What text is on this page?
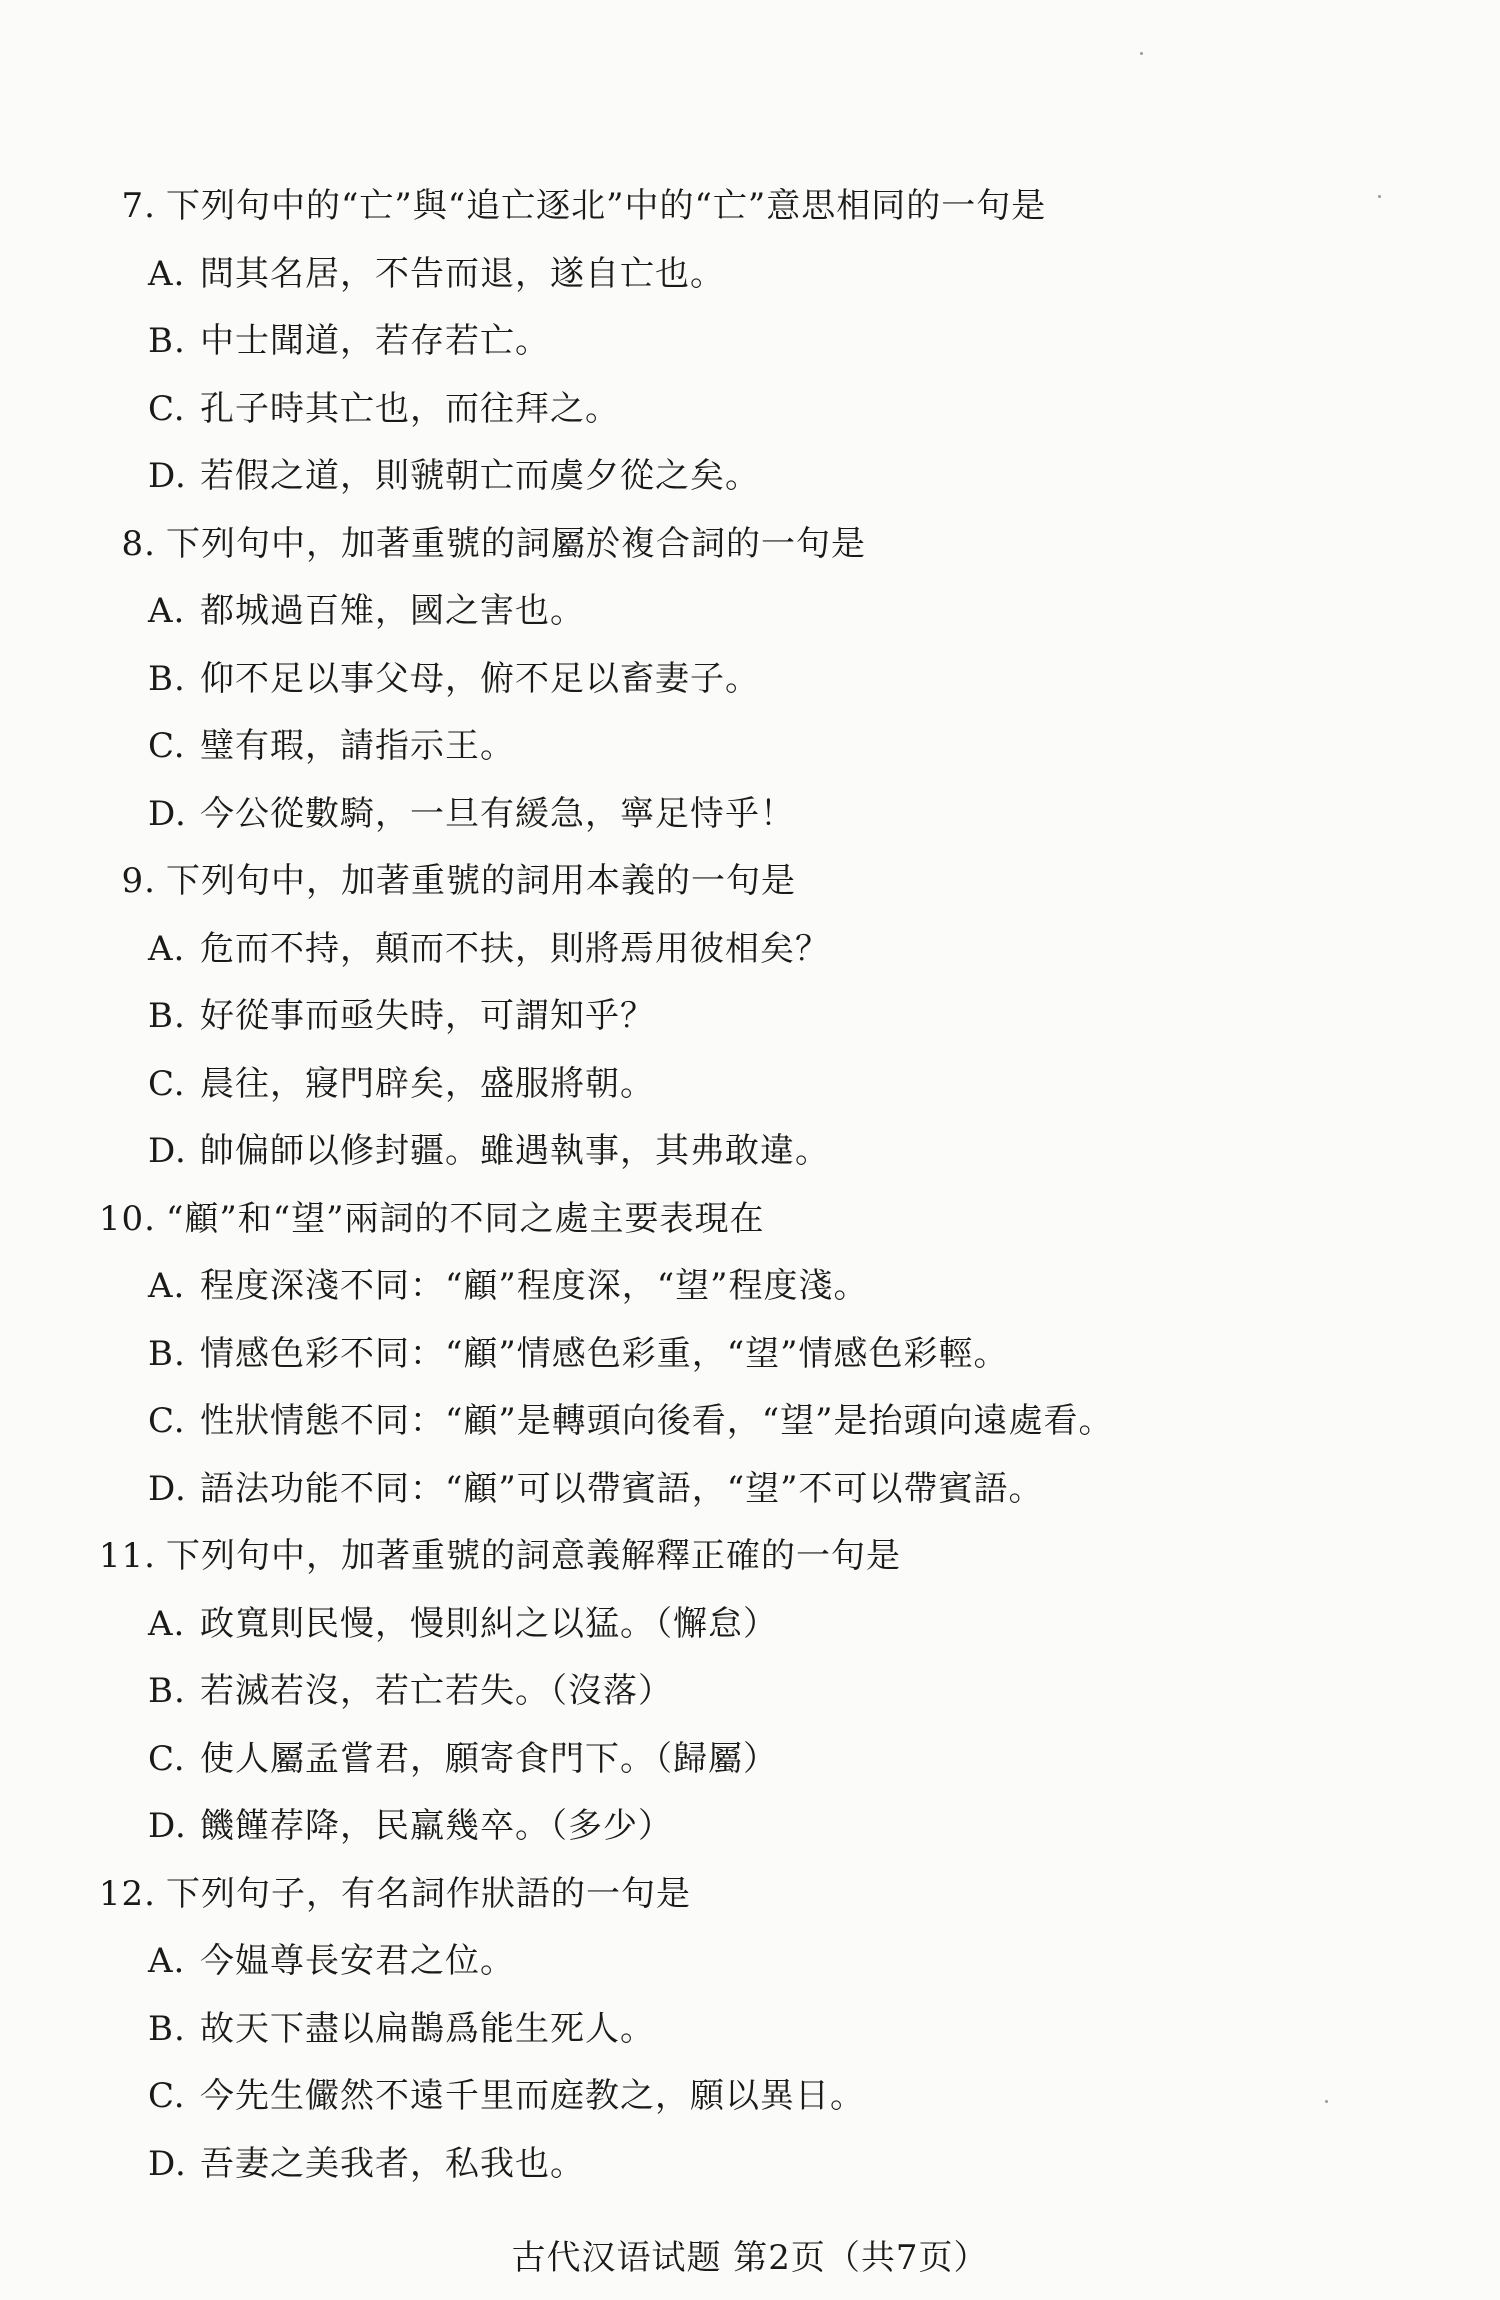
7. 下列句中的“亡”與“追亡逐北”中的“亡”意思相同的一句是
A. 問其名居，不告而退，遂自亡也。
B. 中士聞道，若存若亡。
C. 孔子時其亡也，而往拜之。
D. 若假之道，則虢朝亡而虞夕從之矣。
8. 下列句中，加著重號的詞屬於複合詞的一句是
A. 都城過百雉，國之害也。
B. 仰不足以事父母，俯不足以畜妻子。
C. 璧有瑕，請指示王。
D. 今公從數騎，一旦有緩急，寧足恃乎！
9. 下列句中，加著重號的詞用本義的一句是
A. 危而不持，顛而不扶，則將焉用彼相矣？
B. 好從事而亟失時，可謂知乎？
C. 晨往，寢門辟矣，盛服將朝。
D. 帥偏師以修封疆。雖遇執事，其弗敢違。
10. “顧”和“望”兩詞的不同之處主要表現在
A. 程度深淺不同：“顧”程度深，“望”程度淺。
B. 情感色彩不同：“顧”情感色彩重，“望”情感色彩輕。
C. 性狀情態不同：“顧”是轉頭向後看，“望”是抬頭向遠處看。
D. 語法功能不同：“顧”可以帶賓語，“望”不可以帶賓語。
11. 下列句中，加著重號的詞意義解釋正確的一句是
A. 政寬則民慢，慢則糾之以猛。（懈怠）
B. 若滅若沒，若亡若失。（沒落）
C. 使人屬孟嘗君，願寄食門下。（歸屬）
D. 饑饉荐降，民羸幾卒。（多少）
12. 下列句子，有名詞作狀語的一句是
A. 今媪尊長安君之位。
B. 故天下盡以扁鵲爲能生死人。
C. 今先生儼然不遠千里而庭教之，願以異日。
D. 吾妻之美我者，私我也。
古代汉语试题 第2页（共7页）
